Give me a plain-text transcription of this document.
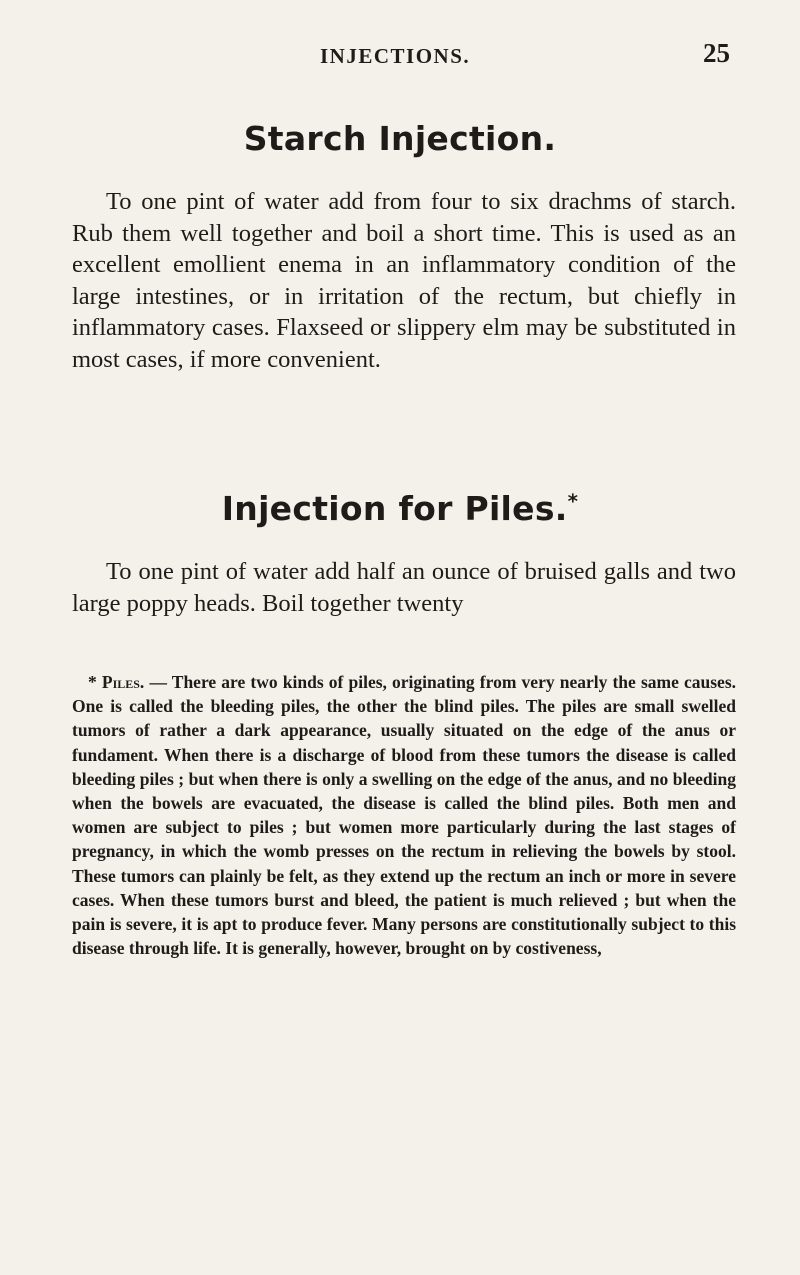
INJECTIONS.	25
Starch Injection.
To one pint of water add from four to six drachms of starch. Rub them well together and boil a short time. This is used as an excellent emollient enema in an inflammatory condition of the large intestines, or in irritation of the rectum, but chiefly in inflammatory cases. Flaxseed or slippery elm may be substituted in most cases, if more convenient.
Injection for Piles.*
To one pint of water add half an ounce of bruised galls and two large poppy heads. Boil together twenty
* Piles. — There are two kinds of piles, originating from very nearly the same causes. One is called the bleeding piles, the other the blind piles. The piles are small swelled tumors of rather a dark appearance, usually situated on the edge of the anus or fundament. When there is a discharge of blood from these tumors the disease is called bleeding piles ; but when there is only a swelling on the edge of the anus, and no bleeding when the bowels are evacuated, the disease is called the blind piles. Both men and women are subject to piles ; but women more particularly during the last stages of pregnancy, in which the womb presses on the rectum in relieving the bowels by stool. These tumors can plainly be felt, as they extend up the rectum an inch or more in severe cases. When these tumors burst and bleed, the patient is much relieved ; but when the pain is severe, it is apt to produce fever. Many persons are constitutionally subject to this disease through life. It is generally, however, brought on by costiveness,
